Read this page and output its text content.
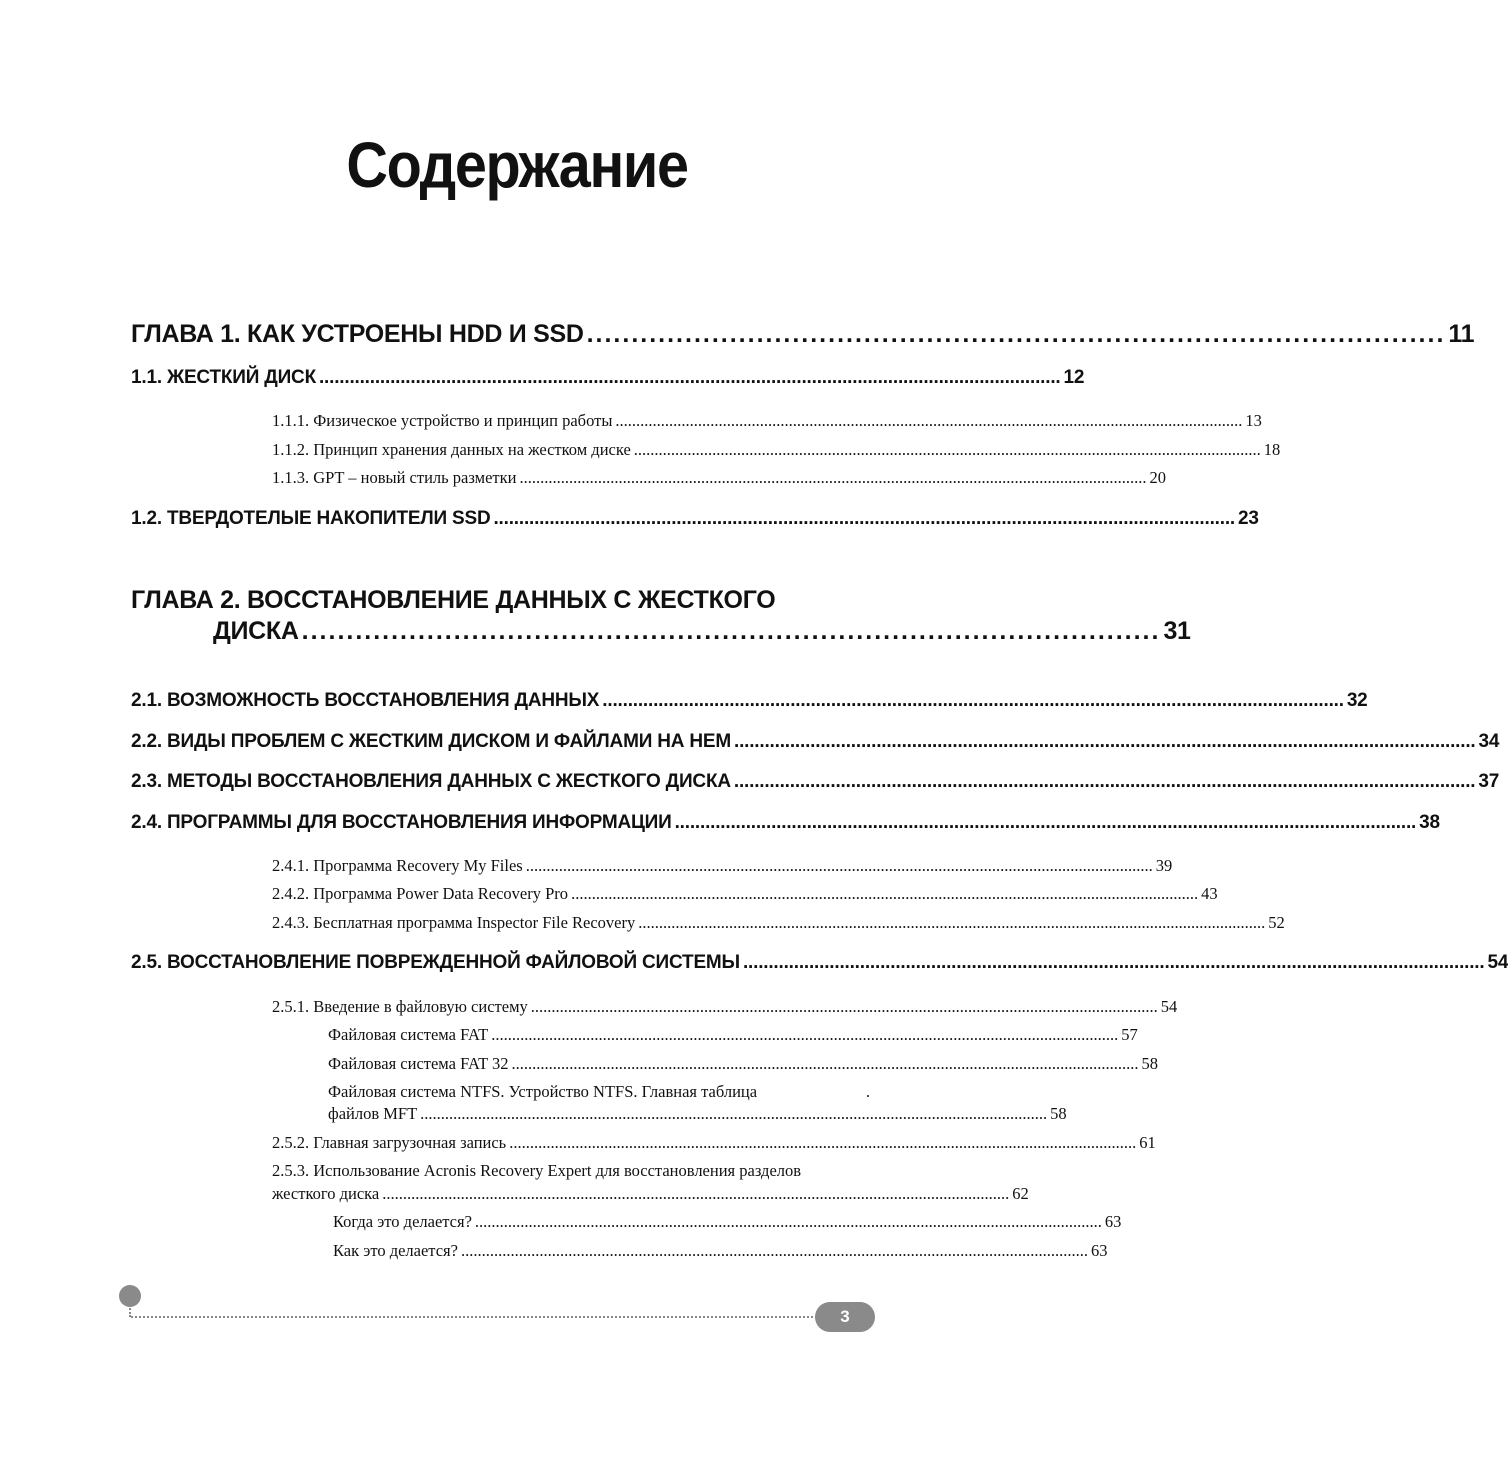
Содержание
ГЛАВА 1. КАК УСТРОЕНЫ HDD И SSD ................................................................................................ 11
1.1. ЖЕСТКИЙ ДИСК .................................................................................................................................................. 12
1.1.1. Физическое устройство и принцип работы ........................................................................................................................................................ 13
1.1.2. Принцип хранения данных на жестком диске ........................................................................................................................................................ 18
1.1.3. GPT – новый стиль разметки ........................................................................................................................................................ 20
1.2. ТВЕРДОТЕЛЫЕ НАКОПИТЕЛИ SSD .................................................................................................................................................. 23
ГЛАВА 2. ВОССТАНОВЛЕНИЕ ДАННЫХ С ЖЕСТКОГО
ДИСКА ................................................................................................ 31
2.1. ВОЗМОЖНОСТЬ ВОССТАНОВЛЕНИЯ ДАННЫХ .................................................................................................................................................. 32
2.2. ВИДЫ ПРОБЛЕМ С ЖЕСТКИМ ДИСКОМ И ФАЙЛАМИ НА НЕМ .................................................................................................................................................. 34
2.3. МЕТОДЫ ВОССТАНОВЛЕНИЯ ДАННЫХ С ЖЕСТКОГО ДИСКА .................................................................................................................................................. 37
2.4. ПРОГРАММЫ ДЛЯ ВОССТАНОВЛЕНИЯ ИНФОРМАЦИИ .................................................................................................................................................. 38
2.4.1. Программа Recovery My Files ........................................................................................................................................................ 39
2.4.2. Программа Power Data Recovery Pro ........................................................................................................................................................ 43
2.4.3. Бесплатная программа Inspector File Recovery ........................................................................................................................................................ 52
2.5. ВОССТАНОВЛЕНИЕ ПОВРЕЖДЕННОЙ ФАЙЛОВОЙ СИСТЕМЫ .................................................................................................................................................. 54
2.5.1. Введение в файловую систему ........................................................................................................................................................ 54
Файловая система FAT ........................................................................................................................................................ 57
Файловая система FAT 32 ........................................................................................................................................................ 58
Файловая система NTFS. Устройство NTFS. Главная таблица	.
файлов MFT ........................................................................................................................................................ 58
2.5.2. Главная загрузочная запись ........................................................................................................................................................ 61
2.5.3. Использование Acronis Recovery Expert для восстановления разделов
жесткого диска ........................................................................................................................................................ 62
Когда это делается? ........................................................................................................................................................ 63
Как это делается? ........................................................................................................................................................ 63
3
